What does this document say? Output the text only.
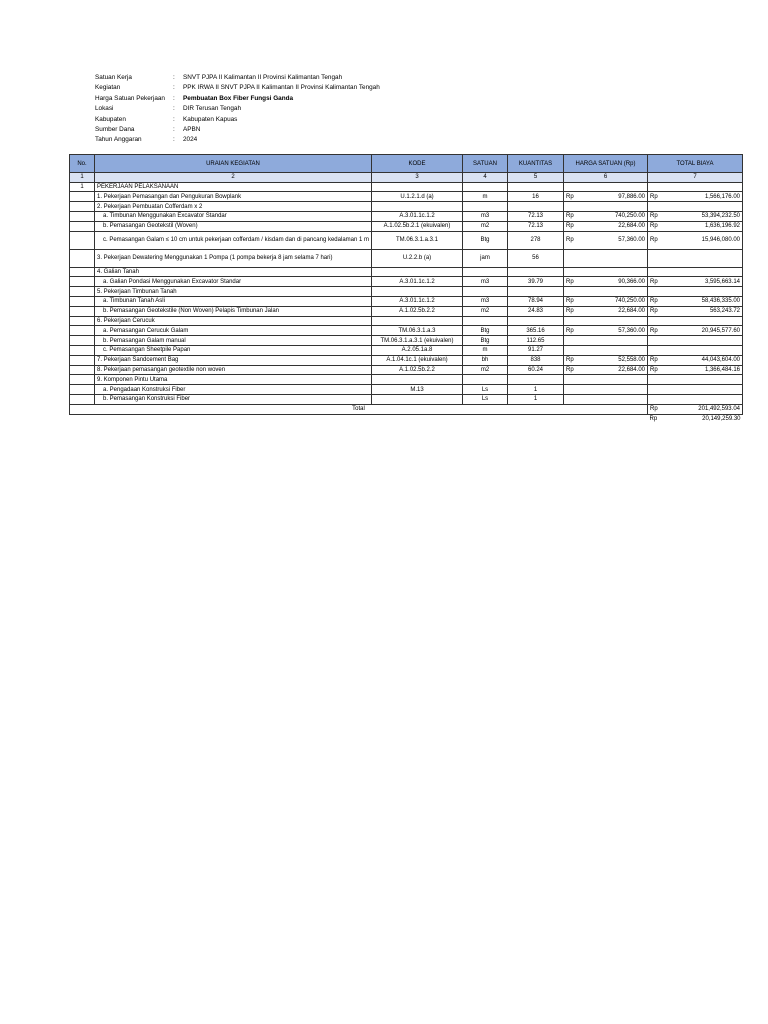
Satuan Kerja	:	SNVT PJPA II Kalimantan II Provinsi Kalimantan Tengah
Kegiatan	:	PPK IRWA II SNVT PJPA II Kalimantan II Provinsi Kalimantan Tengah
Harga Satuan Pekerjaan	:	Pembuatan Box Fiber Fungsi Ganda
Lokasi	:	DIR Terusan Tengah
Kabupaten	:	Kabupaten Kapuas
Sumber Dana	:	APBN
Tahun Anggaran	:	2024
No.	URAIAN KEGIATAN	KODE	SATUAN	KUANTITAS	HARGA SATUAN (Rp)		TOTAL BIAYA	
1	2	3	4	5	6		7	
1	PEKERJAAN PELAKSANAAN							
	1. Pekerjaan Pemasangan dan Pengukuran Bowplank	U.1.2.1.d (a)	m	16	Rp	97,886.00	Rp	1,566,176.00
	2. Pekerjaan Pembuatan Cofferdam x 2							
	a. Timbunan Menggunakan Excavator Standar	A.3.01.1c.1.2	m3	72.13	Rp	740,250.00	Rp	53,394,232.50
	b. Pemasangan Geotekstil (Woven)	A.1.02.5b.2.1 (ekuivalen)	m2	72.13	Rp	22,684.00	Rp	1,636,196.92
	c. Pemasangan Galam ≤ 10 cm untuk pekerjaan cofferdam / kisdam dan di pancang kedalaman 1 m	TM.06.3.1.a.3.1	Btg	278	Rp	57,360.00	Rp	15,946,080.00
	3. Pekerjaan Dewatering Menggunakan 1 Pompa (1 pompa bekerja 8 jam selama 7 hari)	U.2.2.b (a)	jam	56				
	4. Galian Tanah							
	a. Galian Pondasi Menggunakan Excavator Standar	A.3.01.1c.1.2	m3	39.79	Rp	90,366.00	Rp	3,595,663.14
	5. Pekerjaan Timbunan Tanah							
	a. Timbunan Tanah Asli	A.3.01.1c.1.2	m3	78.94	Rp	740,250.00	Rp	58,436,335.00
	b. Pemasangan Geotekstile (Non Woven) Pelapis Timbunan Jalan	A.1.02.5b.2.2	m2	24.83	Rp	22,684.00	Rp	563,243.72
	6. Pekerjaan Cerucuk							
	a. Pemasangan Cerucuk Galam	TM.06.3.1.a.3	Btg	365.16	Rp	57,360.00	Rp	20,945,577.60
	b. Pemasangan Galam manual	TM.06.3.1.a.3.1 (ekuivalen)	Btg	112.65				
	c. Pemasangan Sheetpile Papan	A.2.05.1a.8	m	91.27				
	7. Pekerjaan Sandcement Bag	A.1.04.1c.1 (ekuivalen)	bh	838	Rp	52,558.00	Rp	44,043,604.00
	8. Pekerjaan pemasangan geotextile non woven	A.1.02.5b.2.2	m2	60.24	Rp	22,684.00	Rp	1,366,484.16
	9. Komponen Pintu Utama							
	a. Pengadaan Konstruksi Fiber	M.13	Ls	1				
	b. Pemasangan Konstruksi Fiber		Ls	1				
Total							Rp	201,492,593.04
							Rp	20,149,259.30
